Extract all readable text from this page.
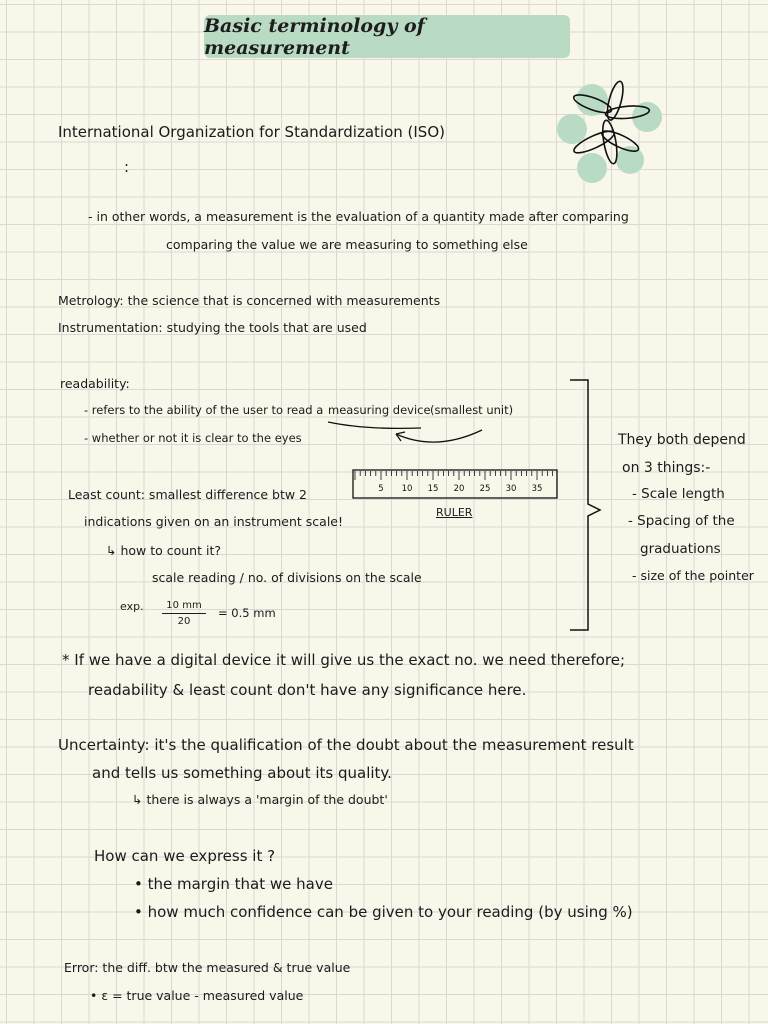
Basic terminology of measurement
International Organization for Standardization (ISO)
:
- in other words, a measurement is the evaluation of a quantity made after comparing
comparing the value we are measuring to something else
Metrology: the science that is concerned with measurements
Instrumentation: studying the tools that are used
readability:
- refers to the ability of the user to read a measuring device (smallest unit)
- whether or not it is clear to the eyes
Least count: smallest difference btw 2
indications given on an instrument scale!
↳ how to count it?
scale reading / no. of divisions on the scale
exp.	10 mm
20
= 0.5 mm
5 10 15 20 25 30 35
RULER
They both depend
on 3 things:-
- Scale length
- Spacing of the
graduations
- size of the pointer
* If we have a digital device it will give us the exact no. we need therefore;
readability & least count don't have any significance here.
Uncertainty: it's the qualification of the doubt about the measurement result
and tells us something about its quality.
↳ there is always a 'margin of the doubt'
How can we express it ?
• the margin that we have
• how much confidence can be given to your reading (by using %)
Error: the diff. btw the measured & true value
• ε = true value - measured value
